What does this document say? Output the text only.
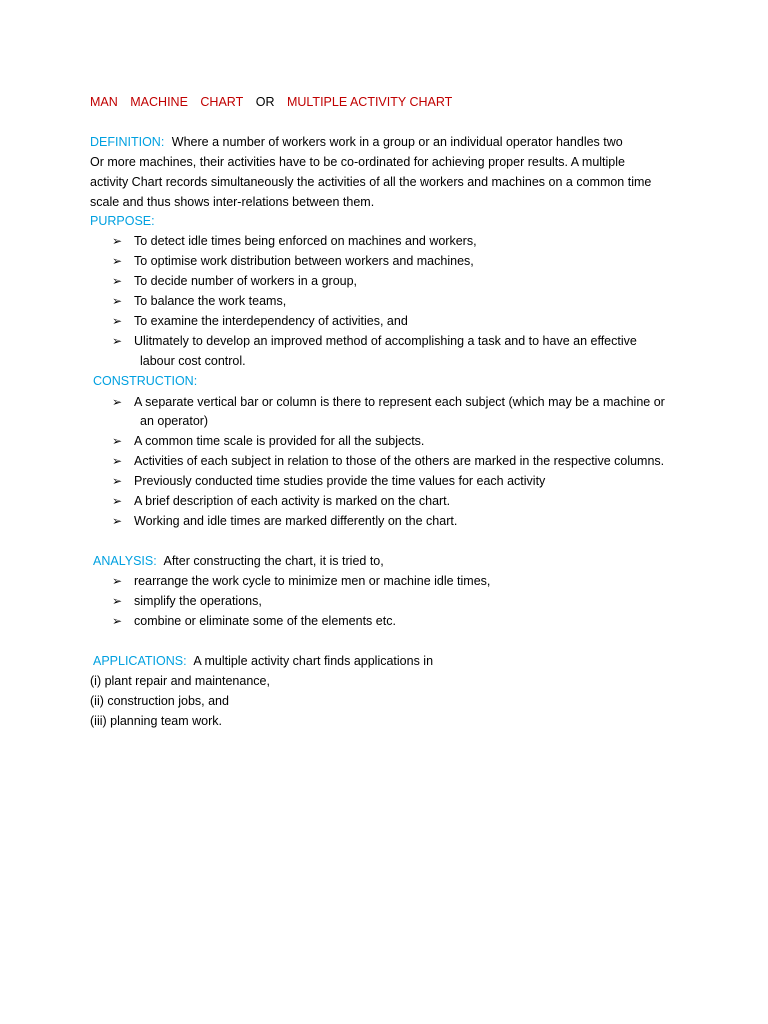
MAN MACHINE CHART OR MULTIPLE ACTIVITY CHART
DEFINITION: Where a number of workers work in a group or an individual operator handles two
Or more machines, their activities have to be co-ordinated for achieving proper results. A multiple
activity Chart records simultaneously the activities of all the workers and machines on a common time
scale and thus shows inter-relations between them.
PURPOSE:
➢ To detect idle times being enforced on machines and workers,
➢ To optimise work distribution between workers and machines,
➢ To decide number of workers in a group,
➢ To balance the work teams,
➢ To examine the interdependency of activities, and
➢ Ulitmately to develop an improved method of accomplishing a task and to have an effective
labour cost control.
CONSTRUCTION:
➢ A separate vertical bar or column is there to represent each subject (which may be a machine or
an operator)
➢ A common time scale is provided for all the subjects.
➢ Activities of each subject in relation to those of the others are marked in the respective columns.
➢ Previously conducted time studies provide the time values for each activity
➢ A brief description of each activity is marked on the chart.
➢ Working and idle times are marked differently on the chart.
ANALYSIS: After constructing the chart, it is tried to,
➢ rearrange the work cycle to minimize men or machine idle times,
➢ simplify the operations,
➢ combine or eliminate some of the elements etc.
APPLICATIONS: A multiple activity chart finds applications in
(i) plant repair and maintenance,
(ii) construction jobs, and
(iii) planning team work.
